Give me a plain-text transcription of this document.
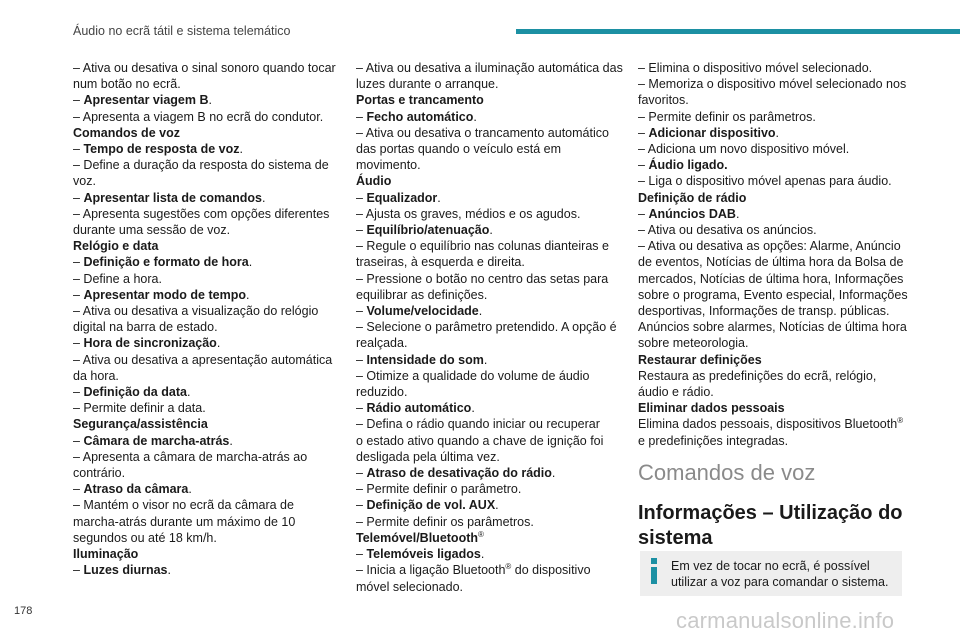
Áudio no ecrã tátil e sistema telemático
– Ativa ou desativa o sinal sonoro quando tocar
num botão no ecrã.
– Apresentar viagem B.
– Apresenta a viagem B no ecrã do condutor.
Comandos de voz
– Tempo de resposta de voz.
– Define a duração da resposta do sistema de
voz.
– Apresentar lista de comandos.
– Apresenta sugestões com opções diferentes
durante uma sessão de voz.
Relógio e data
– Definição e formato de hora.
– Define a hora.
– Apresentar modo de tempo.
– Ativa ou desativa a visualização do relógio
digital na barra de estado.
– Hora de sincronização.
– Ativa ou desativa a apresentação automática
da hora.
– Definição da data.
– Permite definir a data.
Segurança/assistência
– Câmara de marcha-atrás.
– Apresenta a câmara de marcha-atrás ao
contrário.
– Atraso da câmara.
– Mantém o visor no ecrã da câmara de
marcha-atrás durante um máximo de 10
segundos ou até 18 km/h.
Iluminação
– Luzes diurnas.
– Ativa ou desativa a iluminação automática das
luzes durante o arranque.
Portas e trancamento
– Fecho automático.
– Ativa ou desativa o trancamento automático
das portas quando o veículo está em
movimento.
Áudio
– Equalizador.
– Ajusta os graves, médios e os agudos.
– Equilíbrio/atenuação.
– Regule o equilíbrio nas colunas dianteiras e
traseiras, à esquerda e direita.
– Pressione o botão no centro das setas para
equilibrar as definições.
– Volume/velocidade.
– Selecione o parâmetro pretendido. A opção é
realçada.
– Intensidade do som.
– Otimize a qualidade do volume de áudio
reduzido.
– Rádio automático.
– Defina o rádio quando iniciar ou recuperar
o estado ativo quando a chave de ignição foi
desligada pela última vez.
– Atraso de desativação do rádio.
– Permite definir o parâmetro.
– Definição de vol. AUX.
– Permite definir os parâmetros.
Telemóvel/Bluetooth®
– Telemóveis ligados.
– Inicia a ligação Bluetooth® do dispositivo
móvel selecionado.
– Elimina o dispositivo móvel selecionado.
– Memoriza o dispositivo móvel selecionado nos
favoritos.
– Permite definir os parâmetros.
– Adicionar dispositivo.
– Adiciona um novo dispositivo móvel.
– Áudio ligado.
– Liga o dispositivo móvel apenas para áudio.
Definição de rádio
– Anúncios DAB.
– Ativa ou desativa os anúncios.
– Ativa ou desativa as opções: Alarme, Anúncio
de eventos, Notícias de última hora da Bolsa de
mercados, Notícias de última hora, Informações
sobre o programa, Evento especial, Informações
desportivas, Informações de transp. públicas.
Anúncios sobre alarmes, Notícias de última hora
sobre meteorologia.
Restaurar definições
Restaura as predefinições do ecrã, relógio,
áudio e rádio.
Eliminar dados pessoais
Elimina dados pessoais, dispositivos Bluetooth®
e predefinições integradas.
Comandos de voz
Informações – Utilização do
sistema
Em vez de tocar no ecrã, é possível
utilizar a voz para comandar o sistema.
178	carmanualsonline.info
